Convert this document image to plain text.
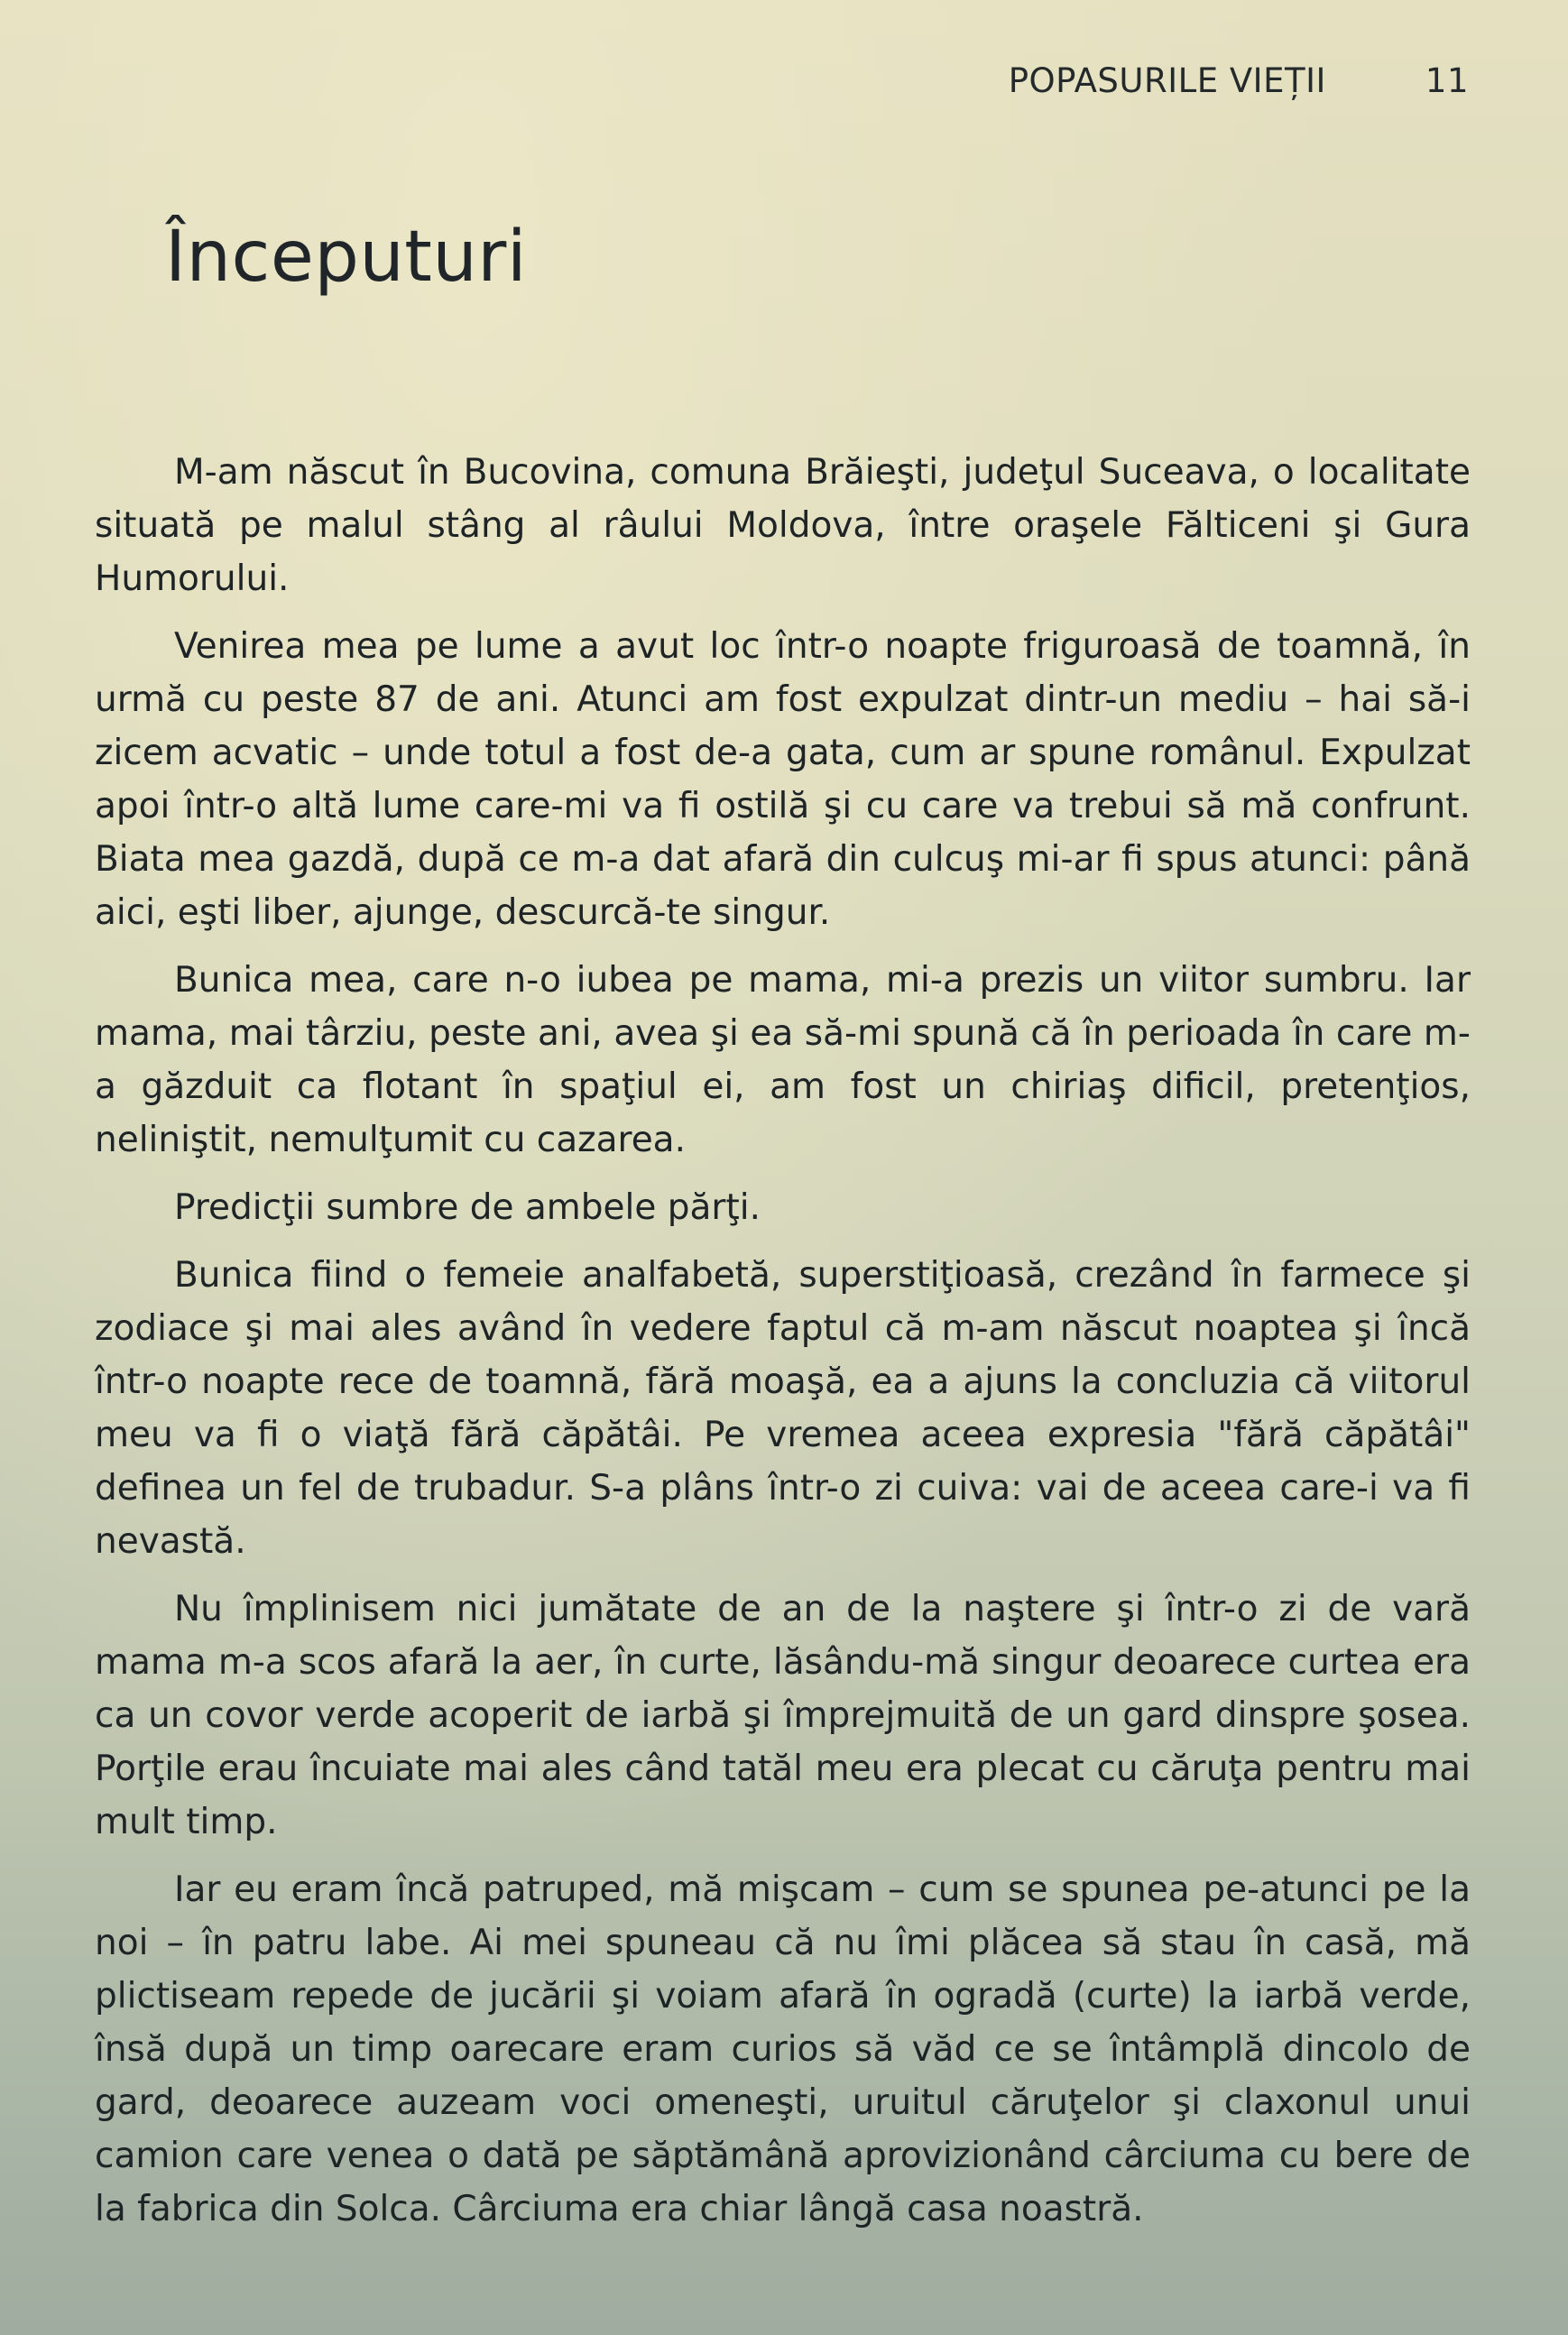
POPASURILE VIEȚII	11
Începuturi

M-am născut în Bucovina, comuna Brăieşti, judeţul Suceava, o localitate situată pe malul stâng al râului Moldova, între oraşele Fălticeni şi Gura Humorului.

Venirea mea pe lume a avut loc într-o noapte friguroasă de toamnă, în urmă cu peste 87 de ani. Atunci am fost expulzat dintr-un mediu – hai să-i zicem acvatic – unde totul a fost de-a gata, cum ar spune românul. Expulzat apoi într-o altă lume care-mi va fi ostilă şi cu care va trebui să mă confrunt. Biata mea gazdă, după ce m-a dat afară din culcuş mi-ar fi spus atunci: până aici, eşti liber, ajunge, descurcă-te singur.

Bunica mea, care n-o iubea pe mama, mi-a prezis un viitor sumbru. Iar mama, mai târziu, peste ani, avea şi ea să-mi spună că în perioada în care m-a găzduit ca flotant în spaţiul ei, am fost un chiriaş dificil, pretenţios, neliniştit, nemulţumit cu cazarea.

Predicţii sumbre de ambele părţi.

Bunica fiind o femeie analfabetă, superstiţioasă, crezând în farmece şi zodiace şi mai ales având în vedere faptul că m-am născut noaptea şi încă într-o noapte rece de toamnă, fără moaşă, ea a ajuns la concluzia că viitorul meu va fi o viaţă fără căpătâi. Pe vremea aceea expresia "fără căpătâi" definea un fel de trubadur. S-a plâns într-o zi cuiva: vai de aceea care-i va fi nevastă.

Nu împlinisem nici jumătate de an de la naştere şi într-o zi de vară mama m-a scos afară la aer, în curte, lăsându-mă singur deoarece curtea era ca un covor verde acoperit de iarbă şi împrejmuită de un gard dinspre şosea. Porţile erau încuiate mai ales când tatăl meu era plecat cu căruţa pentru mai mult timp.

Iar eu eram încă patruped, mă mişcam – cum se spunea pe-atunci pe la noi – în patru labe. Ai mei spuneau că nu îmi plăcea să stau în casă, mă plictiseam repede de jucării şi voiam afară în ogradă (curte) la iarbă verde, însă după un timp oarecare eram curios să văd ce se întâmplă dincolo de gard, deoarece auzeam voci omeneşti, uruitul căruţelor şi claxonul unui camion care venea o dată pe săptămână aprovizionând cârciuma cu bere de la fabrica din Solca. Cârciuma era chiar lângă casa noastră.
